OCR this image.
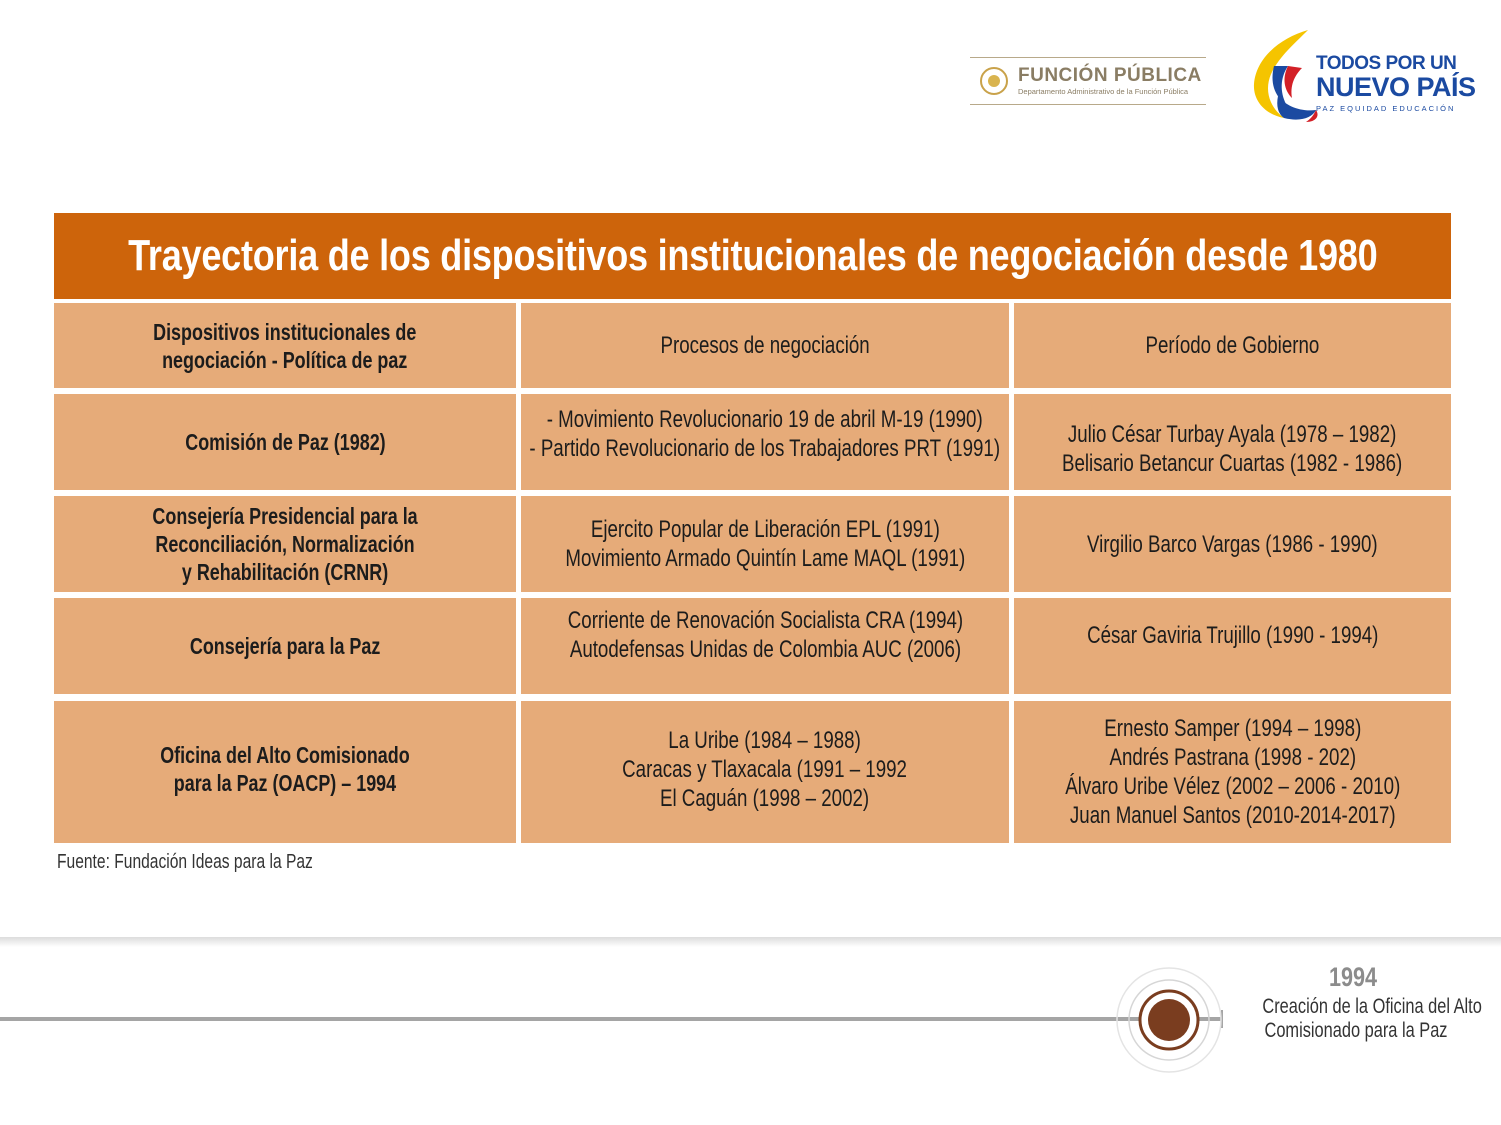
FUNCIÓN PÚBLICA
Departamento Administrativo de la Función Pública
TODOS POR UN
NUEVO PAÍS
PAZ EQUIDAD EDUCACIÓN
Trayectoria de los dispositivos institucionales de negociación desde 1980
Dispositivos institucionales de
negociación - Política de paz
Procesos de negociación	Período de Gobierno
Comisión de Paz (1982)
- Movimiento Revolucionario 19 de abril M-19 (1990)
- Partido Revolucionario de los Trabajadores PRT (1991)
Julio César Turbay Ayala (1978 – 1982)
Belisario Betancur Cuartas (1982 - 1986)
Consejería Presidencial para la
Reconciliación, Normalización
y Rehabilitación (CRNR)
Ejercito Popular de Liberación EPL (1991)
Movimiento Armado Quintín Lame MAQL (1991)
Virgilio Barco Vargas (1986 - 1990)
Consejería para la Paz
Corriente de Renovación Socialista CRA (1994)
Autodefensas Unidas de Colombia AUC (2006)
César Gaviria Trujillo (1990 - 1994)
Oficina del Alto Comisionado
para la Paz (OACP) – 1994
La Uribe (1984 – 1988)
Caracas y Tlaxacala (1991 – 1992
El Caguán (1998 – 2002)
Ernesto Samper (1994 – 1998)
Andrés Pastrana (1998 - 202)
Álvaro Uribe Vélez (2002 – 2006 - 2010)
Juan Manuel Santos (2010-2014-2017)
Fuente: Fundación Ideas para la Paz
1994
Creación de la Oficina del Alto
Comisionado para la Paz
